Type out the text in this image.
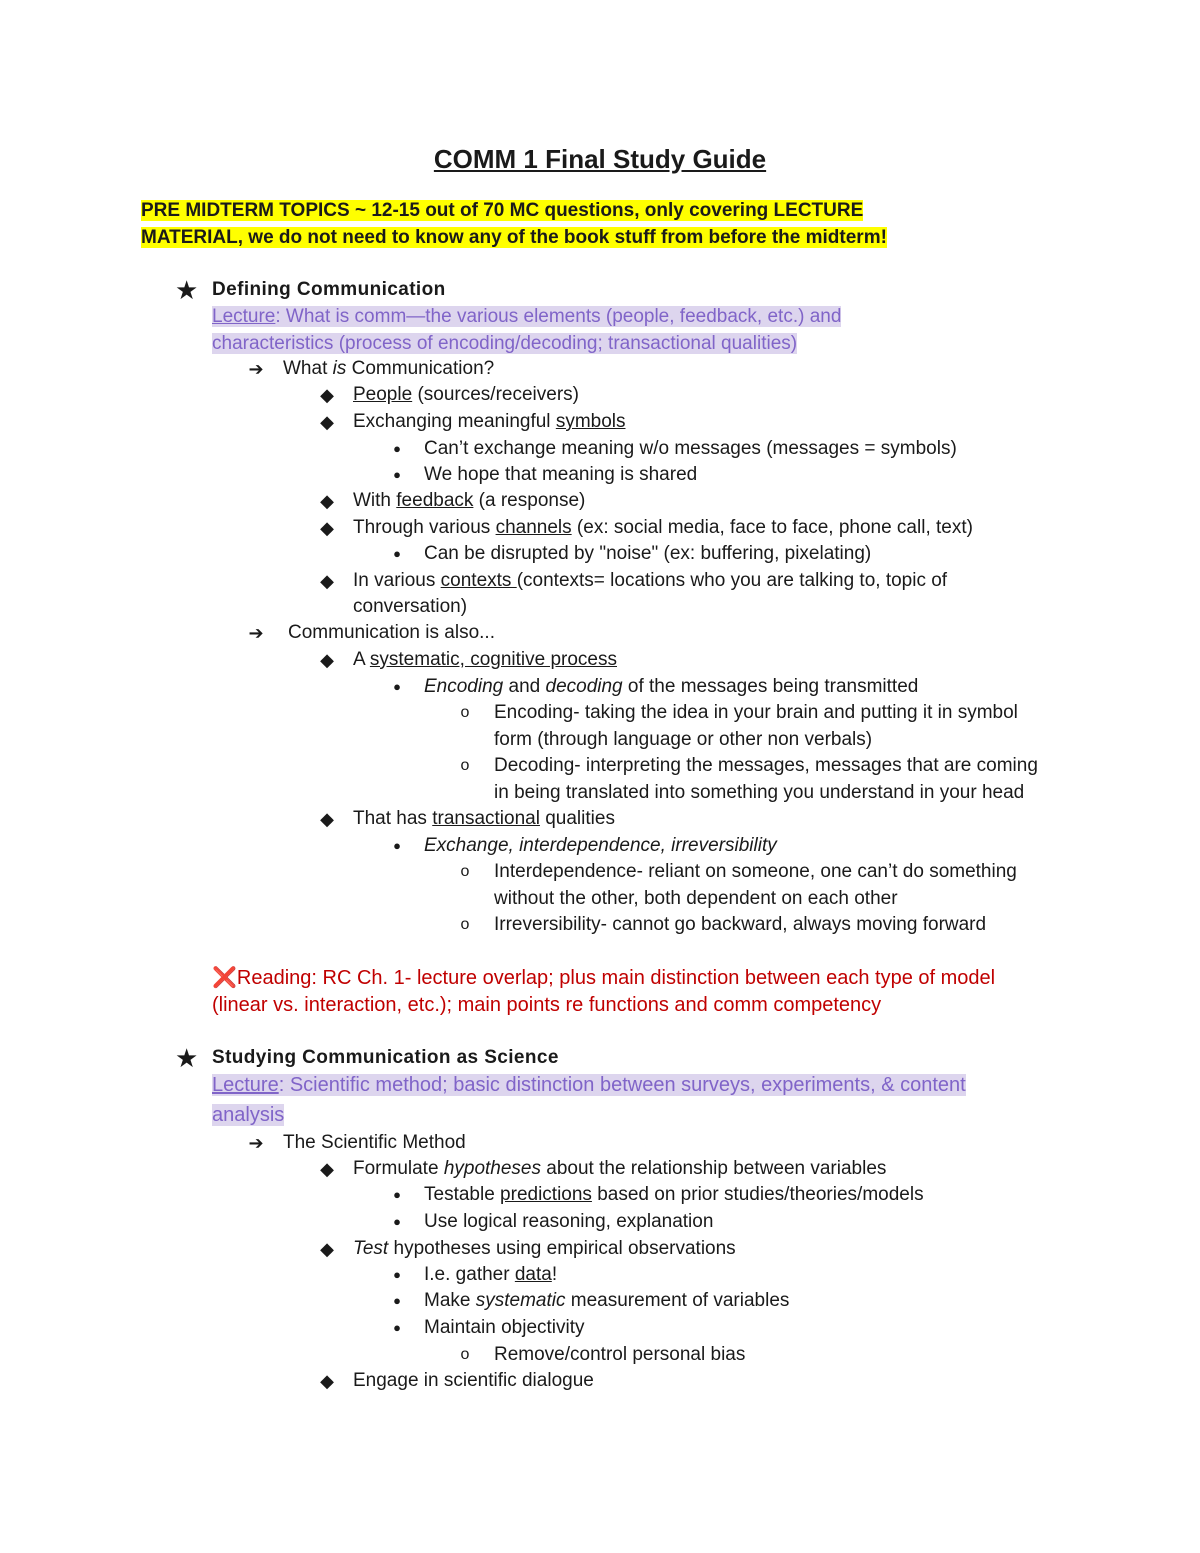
COMM 1 Final Study Guide
PRE MIDTERM TOPICS ~ 12-15 out of 70 MC questions, only covering LECTURE
MATERIAL, we do not need to know any of the book stuff from before the midterm!
★ Defining Communication
Lecture: What is comm—the various elements (people, feedback, etc.) and
characteristics (process of encoding/decoding; transactional qualities)
➔ What is Communication?
◆ People (sources/receivers)
◆ Exchanging meaningful symbols
●	Can’t exchange meaning w/o messages (messages = symbols)
●	We hope that meaning is shared
◆ With feedback (a response)
◆ Through various channels (ex: social media, face to face, phone call, text)
●	Can be disrupted by "noise" (ex: buffering, pixelating)
◆ In various contexts (contexts= locations who you are talking to, topic of
conversation)
➔ Communication is also...
◆ A systematic, cognitive process
●	Encoding and decoding of the messages being transmitted
o	Encoding- taking the idea in your brain and putting it in symbol
form (through language or other non verbals)
o	Decoding- interpreting the messages, messages that are coming
in being translated into something you understand in your head
◆ That has transactional qualities
●	Exchange, interdependence, irreversibility
o	Interdependence- reliant on someone, one can’t do something
without the other, both dependent on each other
o	Irreversibility- cannot go backward, always moving forward
❌Reading: RC Ch. 1- lecture overlap; plus main distinction between each type of model
(linear vs. interaction, etc.); main points re functions and comm competency
★ Studying Communication as Science
Lecture: Scientific method; basic distinction between surveys, experiments, & content
analysis
➔ The Scientific Method
◆ Formulate hypotheses about the relationship between variables
●	Testable predictions based on prior studies/theories/models
●	Use logical reasoning, explanation
◆ Test hypotheses using empirical observations
●	I.e. gather data!
●	Make systematic measurement of variables
●	Maintain objectivity
o	Remove/control personal bias
◆ Engage in scientific dialogue
